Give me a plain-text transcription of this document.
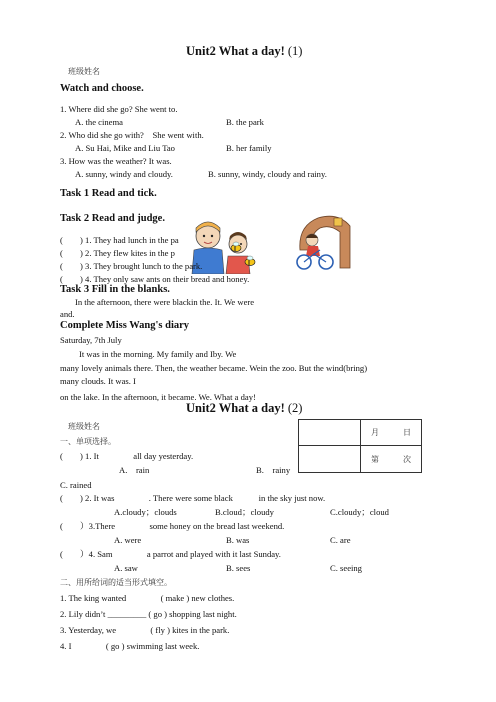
Unit2 What a day! (1)
班级姓名
Watch and choose.
1. Where did she go? She went to.
A. the cinema	B. the park
2. Who did she go with?　She went with.
A. Su Hai, Mike and Liu Tao	B. her family
3. How was the weather? It was.
A. sunny, windy and cloudy.	B. sunny, windy, cloudy and rainy.
Task 1 Read and tick.
Task 2 Read and judge.
(　　) 1. They had lunch in the pa
(　　) 2. They flew kites in the p
(　　) 3. They brought lunch to the park.
(　　) 4. They only saw ants on their bread and honey.
Task 3 Fill in the blanks.
In the afternoon, there were blackin the. It. We were
and.
Complete Miss Wang's diary
Saturday, 7th July
It was in the morning. My family and Iby. We
many lovely animals there. Then, the weather became. Wein the zoo. But the wind(bring)
many clouds. It was. I
on the lake. In the afternoon, it became. We. What a day!
Unit2 What a day! (2)
月	日
第	次
班级姓名
一、单项选择。
(　　) 1. It　　　　all day yesterday.
A.　rain	B.　rainy
C. rained
(　　) 2. It was　　　　. There were some black　　　in the sky just now.
A.cloudy；clouds	B.cloud；cloudy	C.cloudy；cloud
(　　）3.There　　　　some honey on the bread last weekend.
A. were	B. was	C. are
(　　）4. Sam　　　　a parrot and played with it last Sunday.
A. saw	B. sees	C. seeing
二、用所给词的适当形式填空。
1. The king wanted　　　　( make ) new clothes.
2. Lily didn’t _________ ( go ) shopping last night.
3. Yesterday, we　　　　( fly ) kites in the park.
4. I　　　　( go ) swimming last week.
